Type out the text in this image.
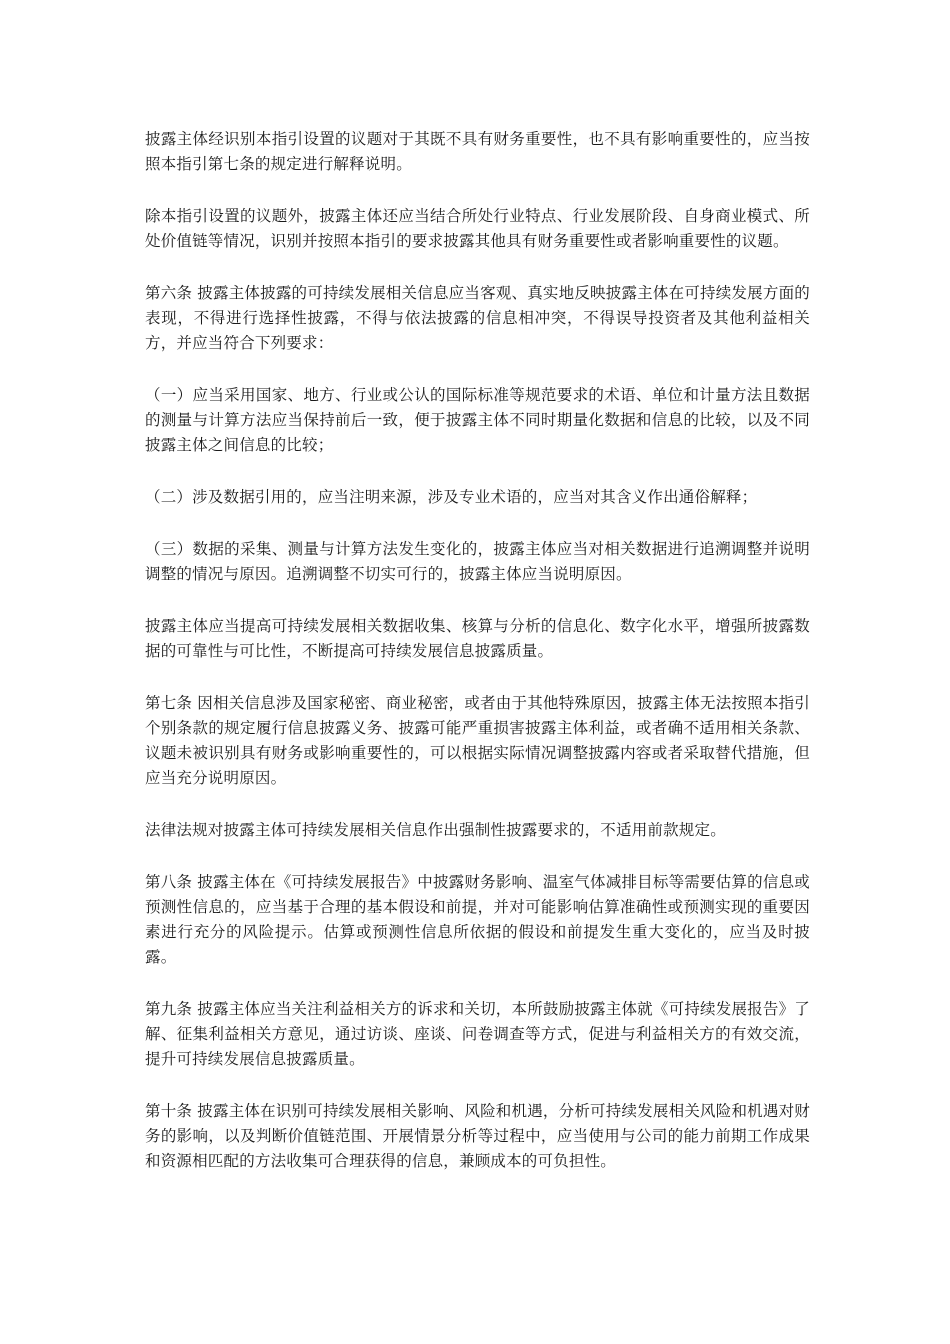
披露主体经识别本指引设置的议题对于其既不具有财务重要性，也不具有影响重要性的，应当按照本指引第七条的规定进行解释说明。

除本指引设置的议题外，披露主体还应当结合所处行业特点、行业发展阶段、自身商业模式、所处价值链等情况，识别并按照本指引的要求披露其他具有财务重要性或者影响重要性的议题。

第六条 披露主体披露的可持续发展相关信息应当客观、真实地反映披露主体在可持续发展方面的表现，不得进行选择性披露，不得与依法披露的信息相冲突，不得误导投资者及其他利益相关方，并应当符合下列要求：

（一）应当采用国家、地方、行业或公认的国际标准等规范要求的术语、单位和计量方法且数据的测量与计算方法应当保持前后一致，便于披露主体不同时期量化数据和信息的比较，以及不同披露主体之间信息的比较；

（二）涉及数据引用的，应当注明来源，涉及专业术语的，应当对其含义作出通俗解释；

（三）数据的采集、测量与计算方法发生变化的，披露主体应当对相关数据进行追溯调整并说明调整的情况与原因。追溯调整不切实可行的，披露主体应当说明原因。

披露主体应当提高可持续发展相关数据收集、核算与分析的信息化、数字化水平，增强所披露数据的可靠性与可比性，不断提高可持续发展信息披露质量。

第七条 因相关信息涉及国家秘密、商业秘密，或者由于其他特殊原因，披露主体无法按照本指引个别条款的规定履行信息披露义务、披露可能严重损害披露主体利益，或者确不适用相关条款、议题未被识别具有财务或影响重要性的，可以根据实际情况调整披露内容或者采取替代措施，但应当充分说明原因。

法律法规对披露主体可持续发展相关信息作出强制性披露要求的，不适用前款规定。

第八条 披露主体在《可持续发展报告》中披露财务影响、温室气体减排目标等需要估算的信息或预测性信息的，应当基于合理的基本假设和前提，并对可能影响估算准确性或预测实现的重要因素进行充分的风险提示。估算或预测性信息所依据的假设和前提发生重大变化的，应当及时披露。

第九条 披露主体应当关注利益相关方的诉求和关切，本所鼓励披露主体就《可持续发展报告》了解、征集利益相关方意见，通过访谈、座谈、问卷调查等方式，促进与利益相关方的有效交流，提升可持续发展信息披露质量。

第十条 披露主体在识别可持续发展相关影响、风险和机遇，分析可持续发展相关风险和机遇对财务的影响，以及判断价值链范围、开展情景分析等过程中，应当使用与公司的能力前期工作成果和资源相匹配的方法收集可合理获得的信息，兼顾成本的可负担性。
